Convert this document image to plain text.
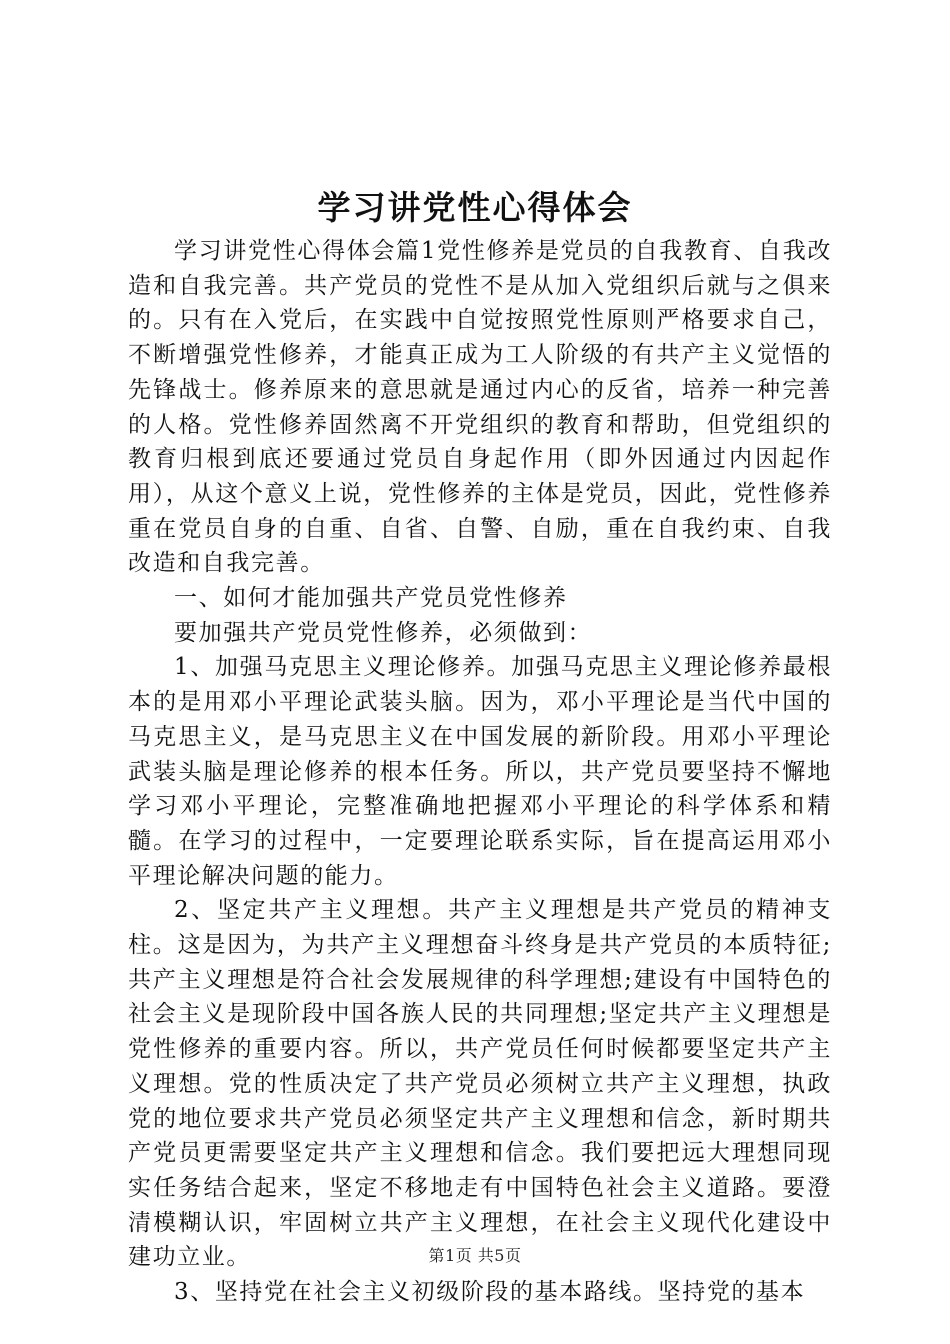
学习讲党性心得体会

学习讲党性心得体会篇1党性修养是党员的自我教育、自我改造和自我完善。共产党员的党性不是从加入党组织后就与之俱来的。只有在入党后，在实践中自觉按照党性原则严格要求自己，不断增强党性修养，才能真正成为工人阶级的有共产主义觉悟的先锋战士。修养原来的意思就是通过内心的反省，培养一种完善的人格。党性修养固然离不开党组织的教育和帮助，但党组织的教育归根到底还要通过党员自身起作用（即外因通过内因起作用），从这个意义上说，党性修养的主体是党员，因此，党性修养重在党员自身的自重、自省、自警、自励，重在自我约束、自我改造和自我完善。

一、如何才能加强共产党员党性修养

要加强共产党员党性修养，必须做到：

1、加强马克思主义理论修养。加强马克思主义理论修养最根本的是用邓小平理论武装头脑。因为，邓小平理论是当代中国的马克思主义，是马克思主义在中国发展的新阶段。用邓小平理论武装头脑是理论修养的根本任务。所以，共产党员要坚持不懈地学习邓小平理论，完整准确地把握邓小平理论的科学体系和精髓。在学习的过程中，一定要理论联系实际，旨在提高运用邓小平理论解决问题的能力。

2、坚定共产主义理想。共产主义理想是共产党员的精神支柱。这是因为，为共产主义理想奋斗终身是共产党员的本质特征;共产主义理想是符合社会发展规律的科学理想;建设有中国特色的社会主义是现阶段中国各族人民的共同理想;坚定共产主义理想是党性修养的重要内容。所以，共产党员任何时候都要坚定共产主义理想。党的性质决定了共产党员必须树立共产主义理想，执政党的地位要求共产党员必须坚定共产主义理想和信念，新时期共产党员更需要坚定共产主义理想和信念。我们要把远大理想同现实任务结合起来，坚定不移地走有中国特色社会主义道路。要澄清模糊认识，牢固树立共产主义理想，在社会主义现代化建设中建功立业。

3、坚持党在社会主义初级阶段的基本路线。坚持党的基本

第1页 共5页
